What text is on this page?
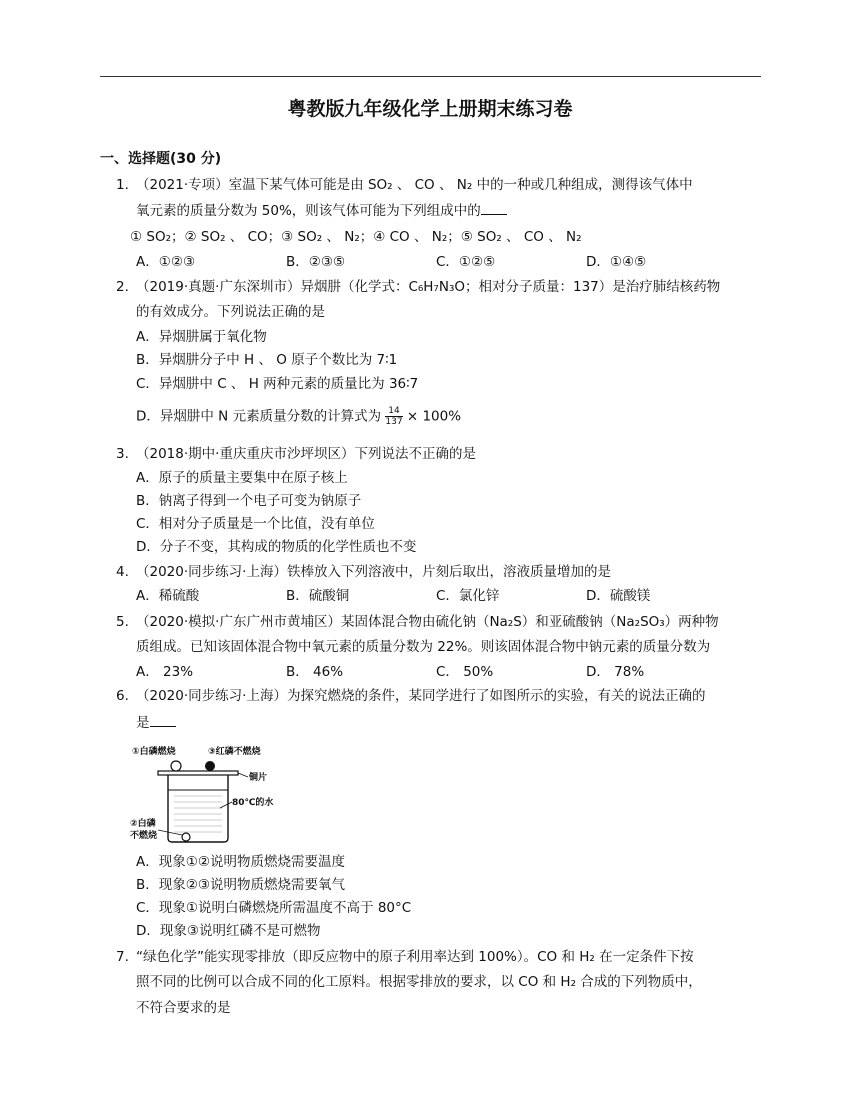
粤教版九年级化学上册期末练习卷
一、选择题(30 分)
1. （2021·专项）室温下某气体可能是由 SO₂ 、 CO 、 N₂ 中的一种或几种组成，测得该气体中
氧元素的质量分数为 50%，则该气体可能为下列组成中的
① SO₂；② SO₂ 、 CO；③ SO₂ 、 N₂；④ CO 、 N₂；⑤ SO₂ 、 CO 、 N₂
A．①②③	B．②③⑤	C．①②⑤	D．①④⑤
2. （2019·真题·广东深圳市）异烟肼（化学式：C₆H₇N₃O；相对分子质量：137）是治疗肺结核药物
的有效成分。下列说法正确的是
A．异烟肼属于氧化物
B．异烟肼分子中 H 、 O 原子个数比为 7∶1
C．异烟肼中 C 、 H 两种元素的质量比为 36∶7
D．异烟肼中 N 元素质量分数的计算式为 $\frac{14}{137} \times 100\%$
3. （2018·期中·重庆重庆市沙坪坝区）下列说法不正确的是
A．原子的质量主要集中在原子核上
B．钠离子得到一个电子可变为钠原子
C．相对分子质量是一个比值，没有单位
D．分子不变，其构成的物质的化学性质也不变
4. （2020·同步练习·上海）铁棒放入下列溶液中，片刻后取出，溶液质量增加的是
A．稀硫酸	B．硫酸铜	C．氯化锌	D．硫酸镁
5. （2020·模拟·广东广州市黄埔区）某固体混合物由硫化钠（Na₂S）和亚硫酸钠（Na₂SO₃）两种物
质组成。已知该固体混合物中氧元素的质量分数为 22%。则该固体混合物中钠元素的质量分数为
A． 23%	B． 46%	C． 50%	D． 78%
6. （2020·同步练习·上海）为探究燃烧的条件，某同学进行了如图所示的实验，有关的说法正确的
是
①白磷燃烧	③红磷不燃烧
铜片
80℃的水
②白磷
不燃烧
A．现象①②说明物质燃烧需要温度
B．现象②③说明物质燃烧需要氧气
C．现象①说明白磷燃烧所需温度不高于 80°C
D．现象③说明红磷不是可燃物
7. “绿色化学”能实现零排放（即反应物中的原子利用率达到 100%）。CO 和 H₂ 在一定条件下按
照不同的比例可以合成不同的化工原料。根据零排放的要求，以 CO 和 H₂ 合成的下列物质中，
不符合要求的是
